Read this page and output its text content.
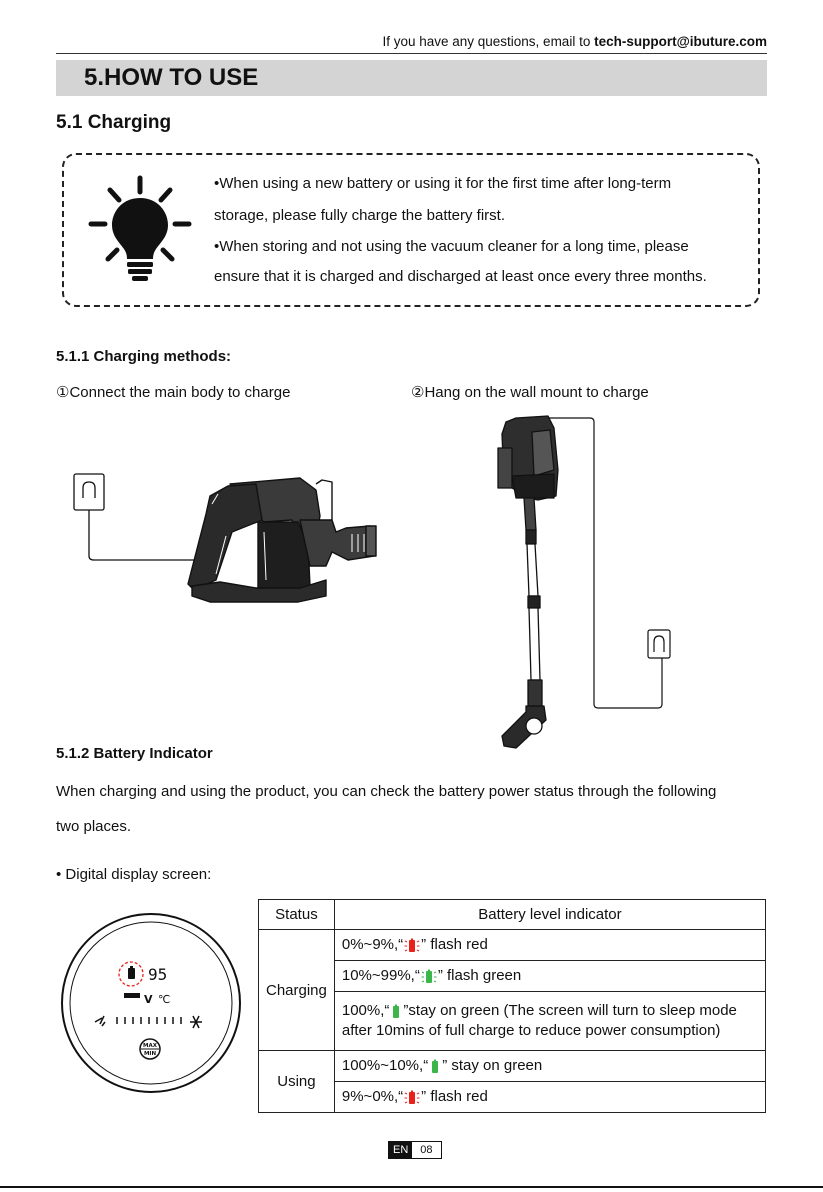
If you have any questions, email to tech-support@ibuture.com
5.HOW TO USE
5.1 Charging
•When using a new battery or using it for the first time after long-term
storage, please fully charge the battery first.
•When storing and not using the vacuum cleaner for a long time, please
ensure that it is charged and discharged at least once every three months.
5.1.1 Charging methods:
①Connect the main body to charge	②Hang on the wall mount to charge
5.1.2 Battery Indicator
When charging and using the product, you can check the battery power status through the following
two places.
• Digital display screen:
95
V ℃
MAX
MIN
Status	Battery level indicator
Charging	0%~9%,“ ” flash red
	10%~99%,“ ” flash green
	100%,“ ”stay on green (The screen will turn to sleep mode after 10mins of full charge to reduce power consumption)
Using	100%~10%,“ ” stay on green
	9%~0%,“ ” flash red
EN	08
